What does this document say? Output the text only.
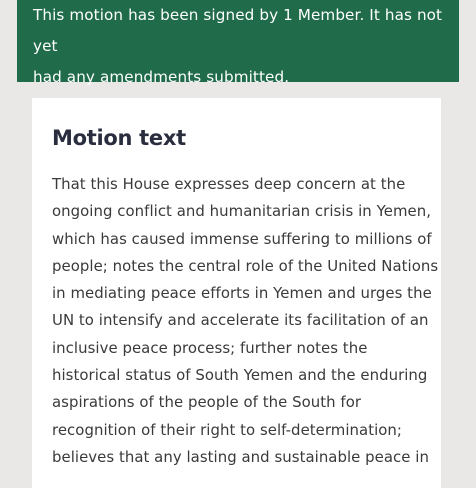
This motion has been signed by 1 Member. It has not yet
had any amendments submitted.

Motion text

That this House expresses deep concern at the
ongoing conflict and humanitarian crisis in Yemen,
which has caused immense suffering to millions of
people; notes the central role of the United Nations
in mediating peace efforts in Yemen and urges the
UN to intensify and accelerate its facilitation of an
inclusive peace process; further notes the
historical status of South Yemen and the enduring
aspirations of the people of the South for
recognition of their right to self-determination;
believes that any lasting and sustainable peace in
